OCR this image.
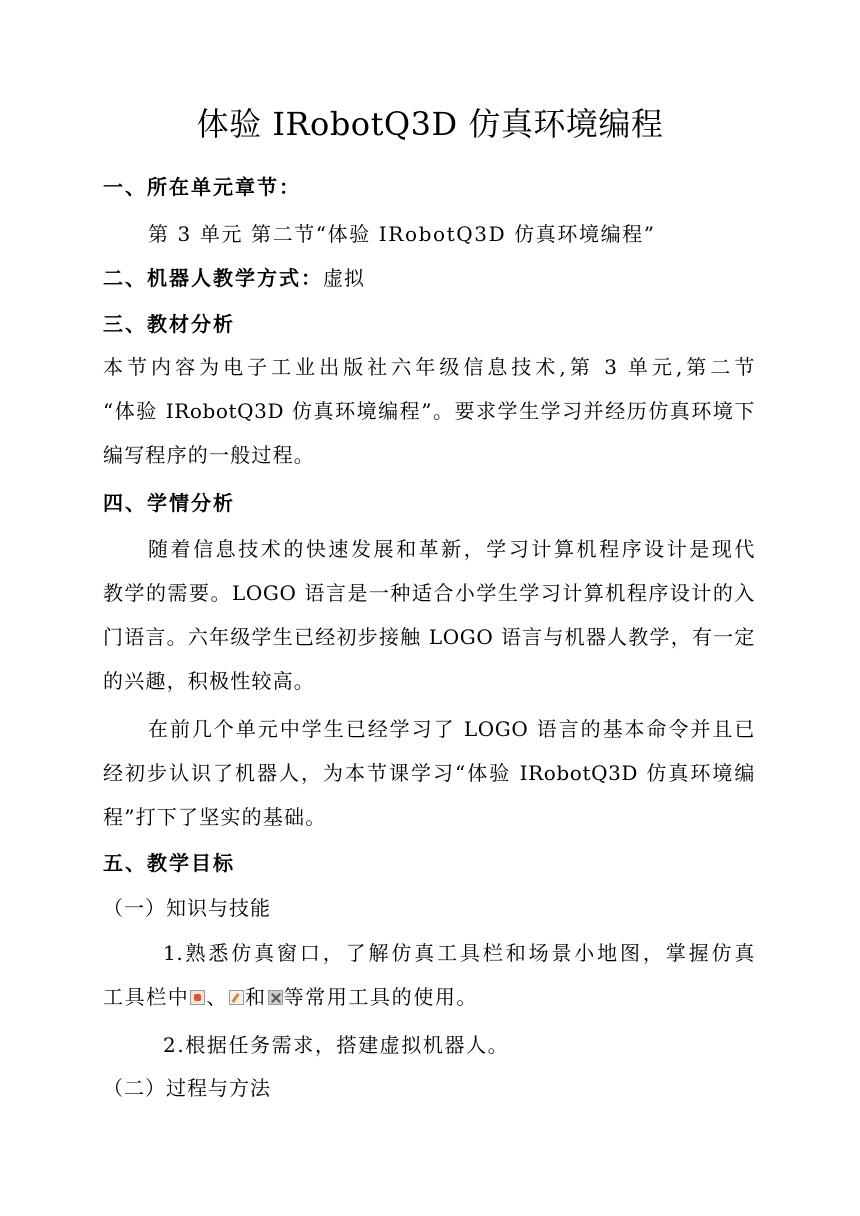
体验 IRobotQ3D 仿真环境编程
一、所在单元章节：
第 3 单元 第二节“体验 IRobotQ3D 仿真环境编程”
二、机器人教学方式：虚拟
三、教材分析
本节内容为电子工业出版社六年级信息技术,第 3 单元,第二节
“体验 IRobotQ3D 仿真环境编程”。要求学生学习并经历仿真环境下
编写程序的一般过程。
四、学情分析
随着信息技术的快速发展和革新，学习计算机程序设计是现代
教学的需要。LOGO 语言是一种适合小学生学习计算机程序设计的入
门语言。六年级学生已经初步接触 LOGO 语言与机器人教学，有一定
的兴趣，积极性较高。
在前几个单元中学生已经学习了 LOGO 语言的基本命令并且已
经初步认识了机器人，为本节课学习“体验 IRobotQ3D 仿真环境编
程”打下了坚实的基础。
五、教学目标
（一）知识与技能
1.熟悉仿真窗口，了解仿真工具栏和场景小地图，掌握仿真
工具栏中 、 和 等常用工具的使用。
2.根据任务需求，搭建虚拟机器人。
（二）过程与方法
